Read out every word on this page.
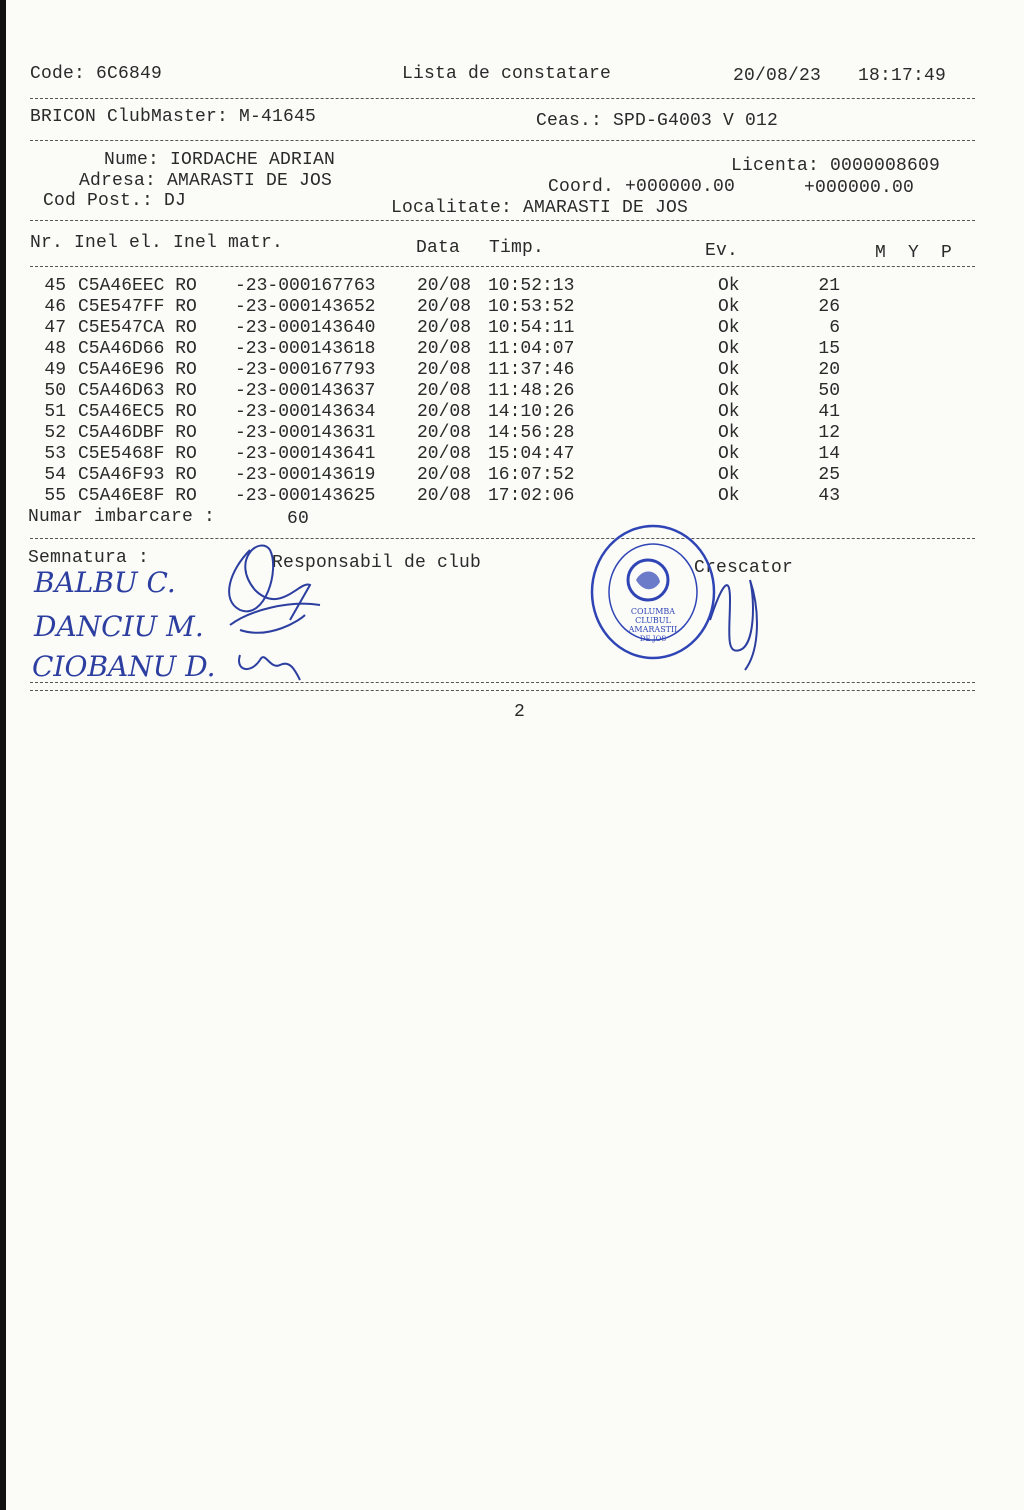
Code: 6C6849	Lista de constatare	20/08/23 18:17:49
BRICON ClubMaster: M-41645	Ceas.: SPD-G4003 V 012
Nume: IORDACHE ADRIAN
Adresa: AMARASTI DE JOS
Cod Post.: DJ
Licenta: 0000008609
Coord. +000000.00	+000000.00
Localitate: AMARASTI DE JOS
Nr. Inel el. Inel matr.	Data Timp.	Ev.	M  Y  P
45 C5A46EEC RO -23-000167763 20/08 10:52:13	Ok	21
46 C5E547FF RO -23-000143652 20/08 10:53:52	Ok	26
47 C5E547CA RO -23-000143640 20/08 10:54:11	Ok	6
48 C5A46D66 RO -23-000143618 20/08 11:04:07	Ok	15
49 C5A46E96 RO -23-000167793 20/08 11:37:46	Ok	20
50 C5A46D63 RO -23-000143637 20/08 11:48:26	Ok	50
51 C5A46EC5 RO -23-000143634 20/08 14:10:26	Ok	41
52 C5A46DBF RO -23-000143631 20/08 14:56:28	Ok	12
53 C5E5468F RO -23-000143641 20/08 15:04:47	Ok	14
54 C5A46F93 RO -23-000143619 20/08 16:07:52	Ok	25
55 C5A46E8F RO -23-000143625 20/08 17:02:06	Ok	43
Numar imbarcare :	60
Semnatura :	Responsabil de club	Crescator
BALBU C.
DANCIU M.
CIOBANU D.
COLUMBA
CLUBUL
AMARASTII
DE JOS
2
